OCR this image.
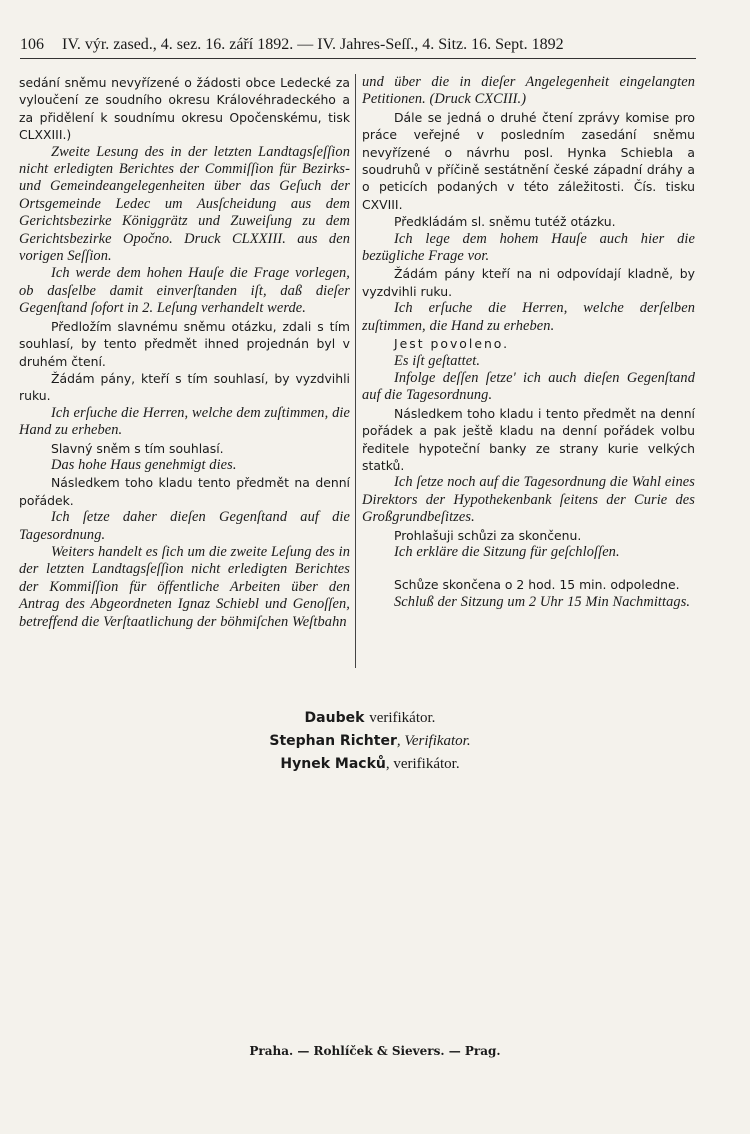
106 IV. výr. zased., 4. sez. 16. září 1892. — IV. Jahres-Seſſ., 4. Sitz. 16. Sept. 1892

sedání sněmu nevyřízené o žádosti obce Ledecké za vyloučení ze soudního okresu Královéhradeckého a za přidělení k soudnímu okresu Opočenskému, tisk CLXXIII.)

Zweite Lesung des in der letzten Landtagsſeſſion nicht erledigten Berichtes der Commiſſion für Bezirks- und Gemeindeangelegenheiten über das Geſuch der Ortsgemeinde Ledec um Ausſcheidung aus dem Gerichtsbezirke Königgrätz und Zuweiſung zu dem Gerichtsbezirke Opočno. Druck CLXXIII. aus den vorigen Seſſion.

Ich werde dem hohen Hauſe die Frage vorlegen, ob dasſelbe damit einverſtanden iſt, daß dieſer Gegenſtand ſofort in 2. Leſung verhandelt werde.

Předložím slavnému sněmu otázku, zdali s tím souhlasí, by tento předmět ihned projednán byl v druhém čtení.

Žádám pány, kteří s tím souhlasí, by vyzdvihli ruku.

Ich erſuche die Herren, welche dem zuſtimmen, die Hand zu erheben.

Slavný sněm s tím souhlasí.

Das hohe Haus genehmigt dies.

Následkem toho kladu tento předmět na denní pořádek.

Ich ſetze daher dieſen Gegenſtand auf die Tagesordnung.

Weiters handelt es ſich um die zweite Leſung des in der letzten Landtagsſeſſion nicht erledigten Berichtes der Kommiſſion für öffentliche Arbeiten über den Antrag des Abgeordneten Ignaz Schiebl und Genoſſen, betreffend die Verſtaatlichung der böhmiſchen Weſtbahn

und über die in dieſer Angelegenheit eingelangten Petitionen. (Druck CXCIII.)

Dále se jedná o druhé čtení zprávy komise pro práce veřejné v posledním zasedání sněmu nevyřízené o návrhu posl. Hynka Schiebla a soudruhů v příčině sestátnění české západní dráhy a o peticích podaných v této záležitosti. Čís. tisku CXVIII.

Předkládám sl. sněmu tutéž otázku.

Ich lege dem hohem Hauſe auch hier die bezügliche Frage vor.

Žádám pány kteří na ni odpovídají kladně, by vyzdvihli ruku.

Ich erſuche die Herren, welche derſelben zuſtimmen, die Hand zu erheben.

Jest povoleno.

Es iſt geſtattet.

Infolge deſſen ſetze' ich auch dieſen Gegenſtand auf die Tagesordnung.

Následkem toho kladu i tento předmět na denní pořádek a pak ještě kladu na denní pořádek volbu ředitele hypoteční banky ze strany kurie velkých statků.

Ich ſetze noch auf die Tagesordnung die Wahl eines Direktors der Hypothekenbank ſeitens der Curie des Großgrundbeſitzes.

Prohlašuji schůzi za skončenu.

Ich erkläre die Sitzung für geſchloſſen.

Schůze skončena o 2 hod. 15 min. odpoledne.

Schluß der Sitzung um 2 Uhr 15 Min Nachmittags.

Daubek verifikátor.
Stephan Richter, Verifikator.
Hynek Macků, verifikátor.
Praha. — Rohlíček & Sievers. — Prag.
